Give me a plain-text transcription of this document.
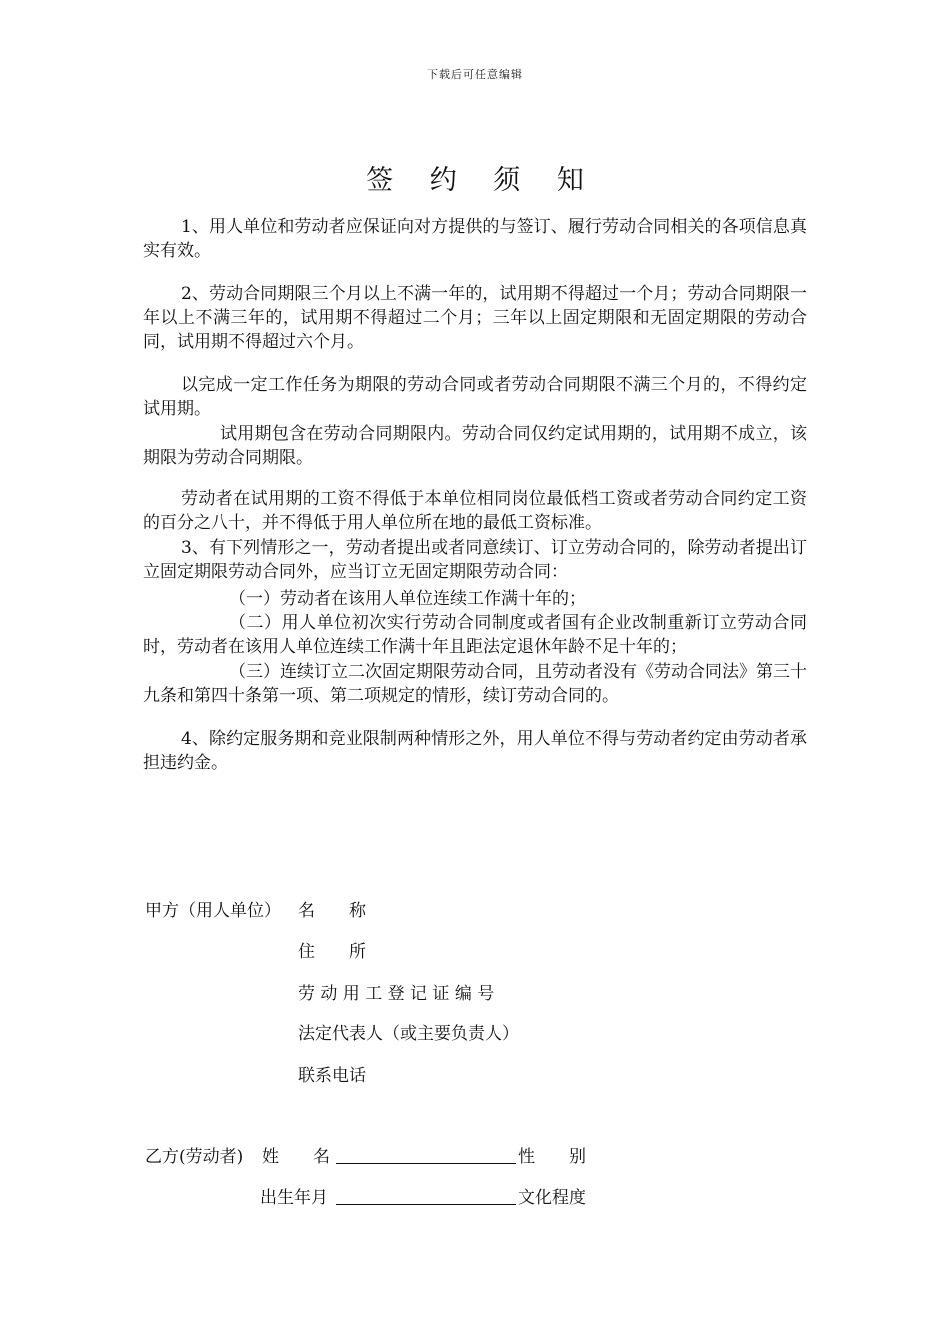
下载后可任意编辑
签 约 须 知

1、用人单位和劳动者应保证向对方提供的与签订、履行劳动合同相关的各项信息真实有效。

2、劳动合同期限三个月以上不满一年的，试用期不得超过一个月；劳动合同期限一年以上不满三年的，试用期不得超过二个月；三年以上固定期限和无固定期限的劳动合同，试用期不得超过六个月。

以完成一定工作任务为期限的劳动合同或者劳动合同期限不满三个月的，不得约定试用期。

试用期包含在劳动合同期限内。劳动合同仅约定试用期的，试用期不成立，该期限为劳动合同期限。

劳动者在试用期的工资不得低于本单位相同岗位最低档工资或者劳动合同约定工资的百分之八十，并不得低于用人单位所在地的最低工资标准。

3、有下列情形之一，劳动者提出或者同意续订、订立劳动合同的，除劳动者提出订立固定期限劳动合同外，应当订立无固定期限劳动合同：

（一）劳动者在该用人单位连续工作满十年的；

（二）用人单位初次实行劳动合同制度或者国有企业改制重新订立劳动合同时，劳动者在该用人单位连续工作满十年且距法定退休年龄不足十年的；

（三）连续订立二次固定期限劳动合同，且劳动者没有《劳动合同法》第三十九条和第四十条第一项、第二项规定的情形，续订劳动合同的。

4、除约定服务期和竞业限制两种情形之外，用人单位不得与劳动者约定由劳动者承担违约金。

甲方（用人单位） 名　　称
住　　所
劳 动 用 工 登 记 证 编 号
法定代表人（或主要负责人）
联系电话
乙方(劳动者) 姓　　名	性　　别
出生年月	文化程度
